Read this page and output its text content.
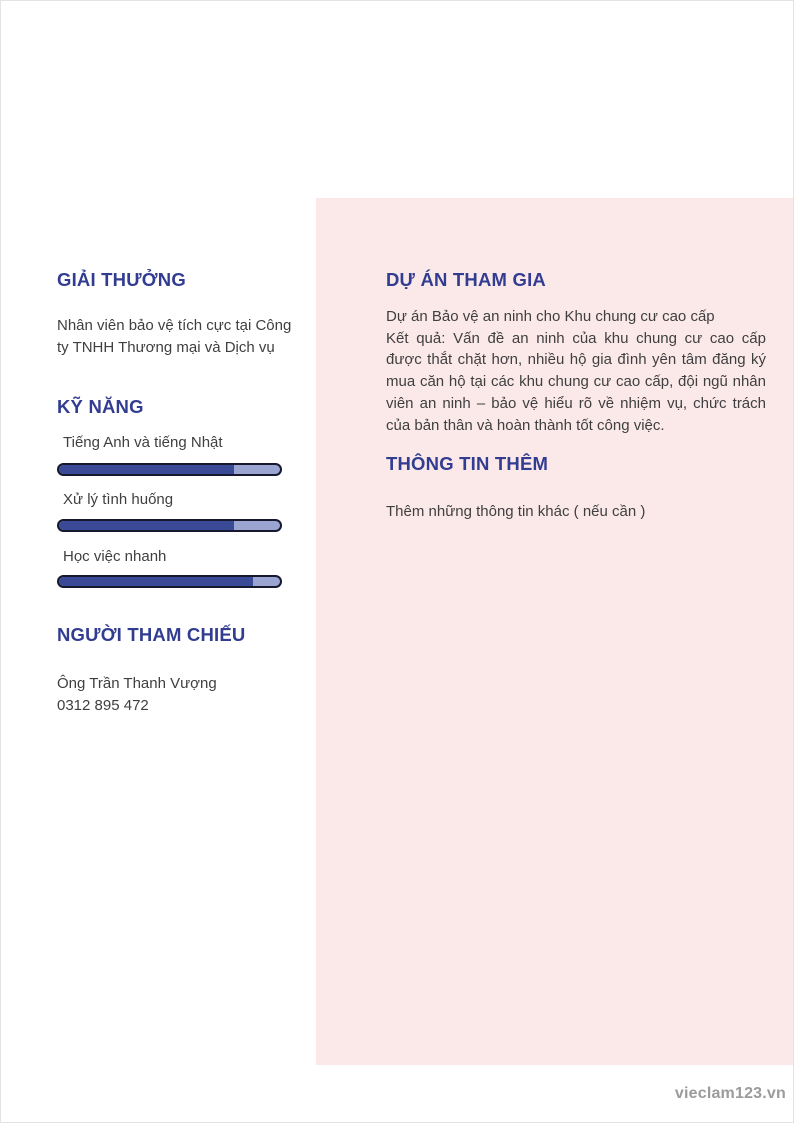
GIẢI THƯỞNG

Nhân viên bảo vệ tích cực tại Công ty TNHH Thương mại và Dịch vụ

KỸ NĂNG

Tiếng Anh và tiếng Nhật

Xử lý tình huống

Học việc nhanh

NGƯỜI THAM CHIẾU

Ông Trần Thanh Vượng

0312 895 472

DỰ ÁN THAM GIA

Dự án Bảo vệ an ninh cho Khu chung cư cao cấp
Kết quả: Vấn đề an ninh của khu chung cư cao cấp được thắt chặt hơn, nhiều hộ gia đình yên tâm đăng ký mua căn hộ tại các khu chung cư cao cấp, đội ngũ nhân viên an ninh – bảo vệ hiểu rõ về nhiệm vụ, chức trách của bản thân và hoàn thành tốt công việc.

THÔNG TIN THÊM

Thêm những thông tin khác ( nếu cần )

vieclam123.vn
